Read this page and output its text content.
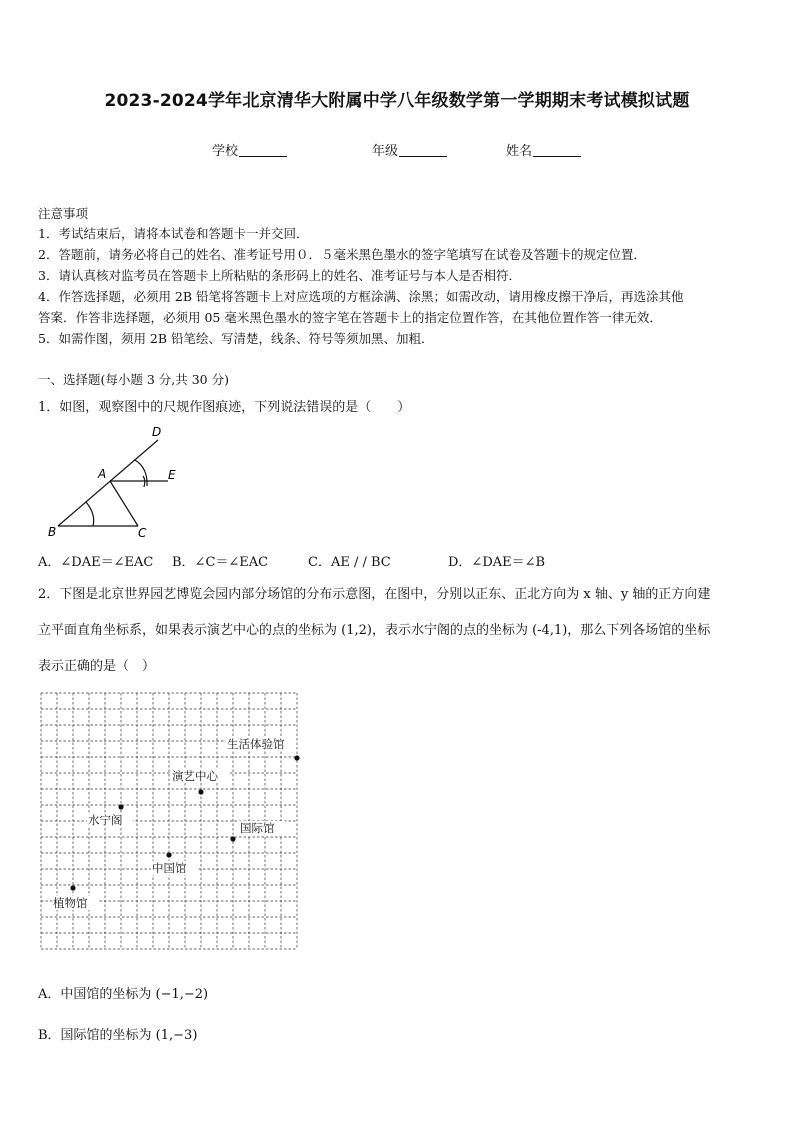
2023-2024学年北京清华大附属中学八年级数学第一学期期末考试模拟试题
学校	年级	姓名
注意事项
1．考试结束后，请将本试卷和答题卡一并交回．
2．答题前，请务必将自己的姓名、准考证号用０．５毫米黑色墨水的签字笔填写在试卷及答题卡的规定位置．
3．请认真核对监考员在答题卡上所粘贴的条形码上的姓名、准考证号与本人是否相符．
4．作答选择题，必须用 2B 铅笔将答题卡上对应选项的方框涂满、涂黑；如需改动，请用橡皮擦干净后，再选涂其他
答案．作答非选择题，必须用 05 毫米黑色墨水的签字笔在答题卡上的指定位置作答，在其他位置作答一律无效．
5．如需作图，须用 2B 铅笔绘、写清楚，线条、符号等须加黑、加粗．
一、选择题(每小题 3 分,共 30 分)
1．如图，观察图中的尺规作图痕迹，下列说法错误的是（　　）
D
A	E
B	C
A．∠DAE＝∠EAC B．∠C＝∠EAC	C．AE / / BC	D．∠DAE＝∠B
2．下图是北京世界园艺博览会园内部分场馆的分布示意图，在图中，分别以正东、正北方向为 x 轴、y 轴的正方向建
立平面直角坐标系，如果表示演艺中心的点的坐标为 (1,2)，表示水宁阁的点的坐标为 (-4,1)，那么下列各场馆的坐标
表示正确的是（　）
生活体验馆
演艺中心
水宁阁
国际馆
中国馆
植物馆
A．中国馆的坐标为 (−1,−2)
B．国际馆的坐标为 (1,−3)
